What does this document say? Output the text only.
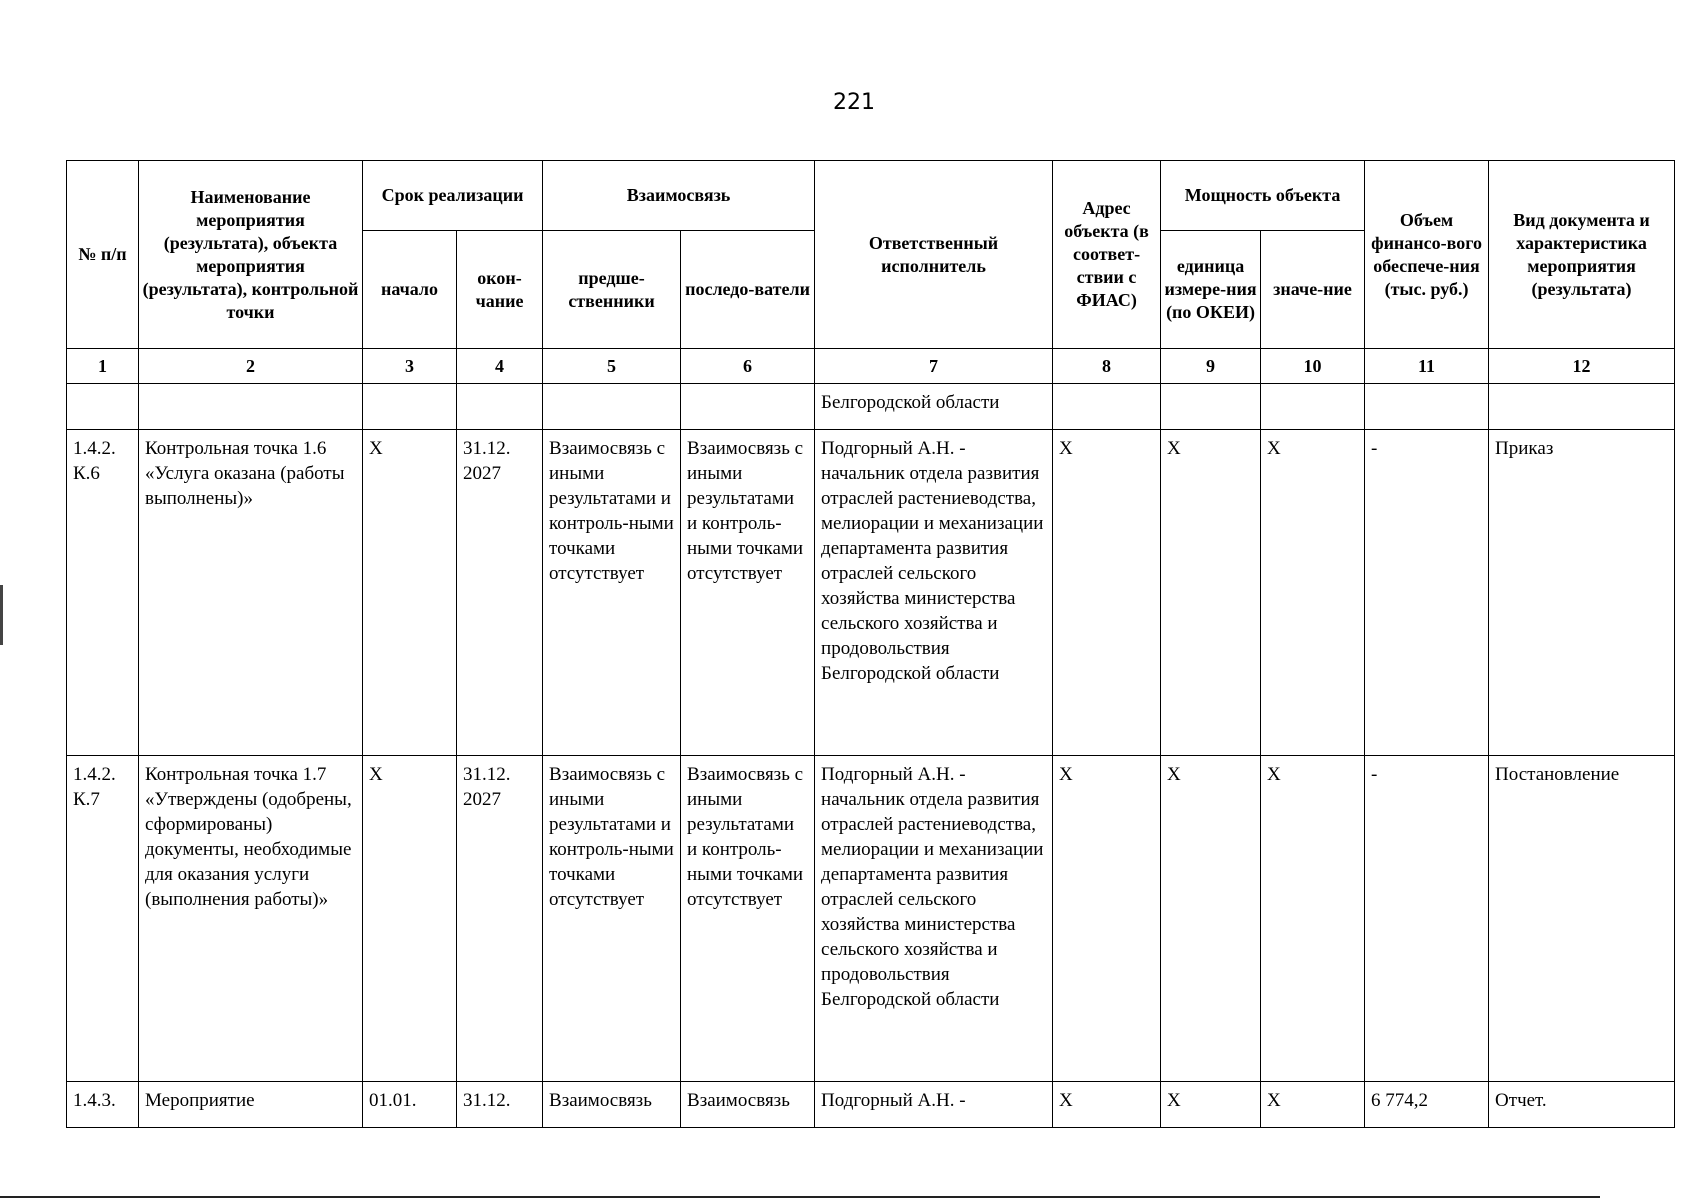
221
№ п/п	Наименование мероприятия (результата), объекта мероприятия (результата), контрольной точки	Срок реализации		Взаимосвязь		Ответственный исполнитель	Адрес объекта (в соответ-ствии с ФИАС)	Мощность объекта		Объем финансо-вого обеспече-ния (тыс. руб.)	Вид документа и характеристика мероприятия (результата)
		начало	окон-чание	предше-ственники	последо-ватели			единица измере-ния (по ОКЕИ)	значе-ние		
1	2	3	4	5	6	7	8	9	10	11	12
						Белгородской области					
1.4.2. К.6	Контрольная точка 1.6 «Услуга оказана (работы выполнены)»	X	31.12. 2027	Взаимосвязь с иными результатами и контроль-ными точками отсутствует	Взаимосвязь с иными результатами и контроль-ными точками отсутствует	Подгорный А.Н. - начальник отдела развития отраслей растениеводства, мелиорации и механизации департамента развития отраслей сельского хозяйства министерства сельского хозяйства и продовольствия Белгородской области	X	X	X	-	Приказ
1.4.2. К.7	Контрольная точка 1.7 «Утверждены (одобрены, сформированы) документы, необходимые для оказания услуги (выполнения работы)»	X	31.12. 2027	Взаимосвязь с иными результатами и контроль-ными точками отсутствует	Взаимосвязь с иными результатами и контроль-ными точками отсутствует	Подгорный А.Н. - начальник отдела развития отраслей растениеводства, мелиорации и механизации департамента развития отраслей сельского хозяйства министерства сельского хозяйства и продовольствия Белгородской области	X	X	X	-	Постановление
1.4.3.	Мероприятие	01.01.	31.12.	Взаимосвязь	Взаимосвязь	Подгорный А.Н. -	X	X	X	6 774,2	Отчет.
